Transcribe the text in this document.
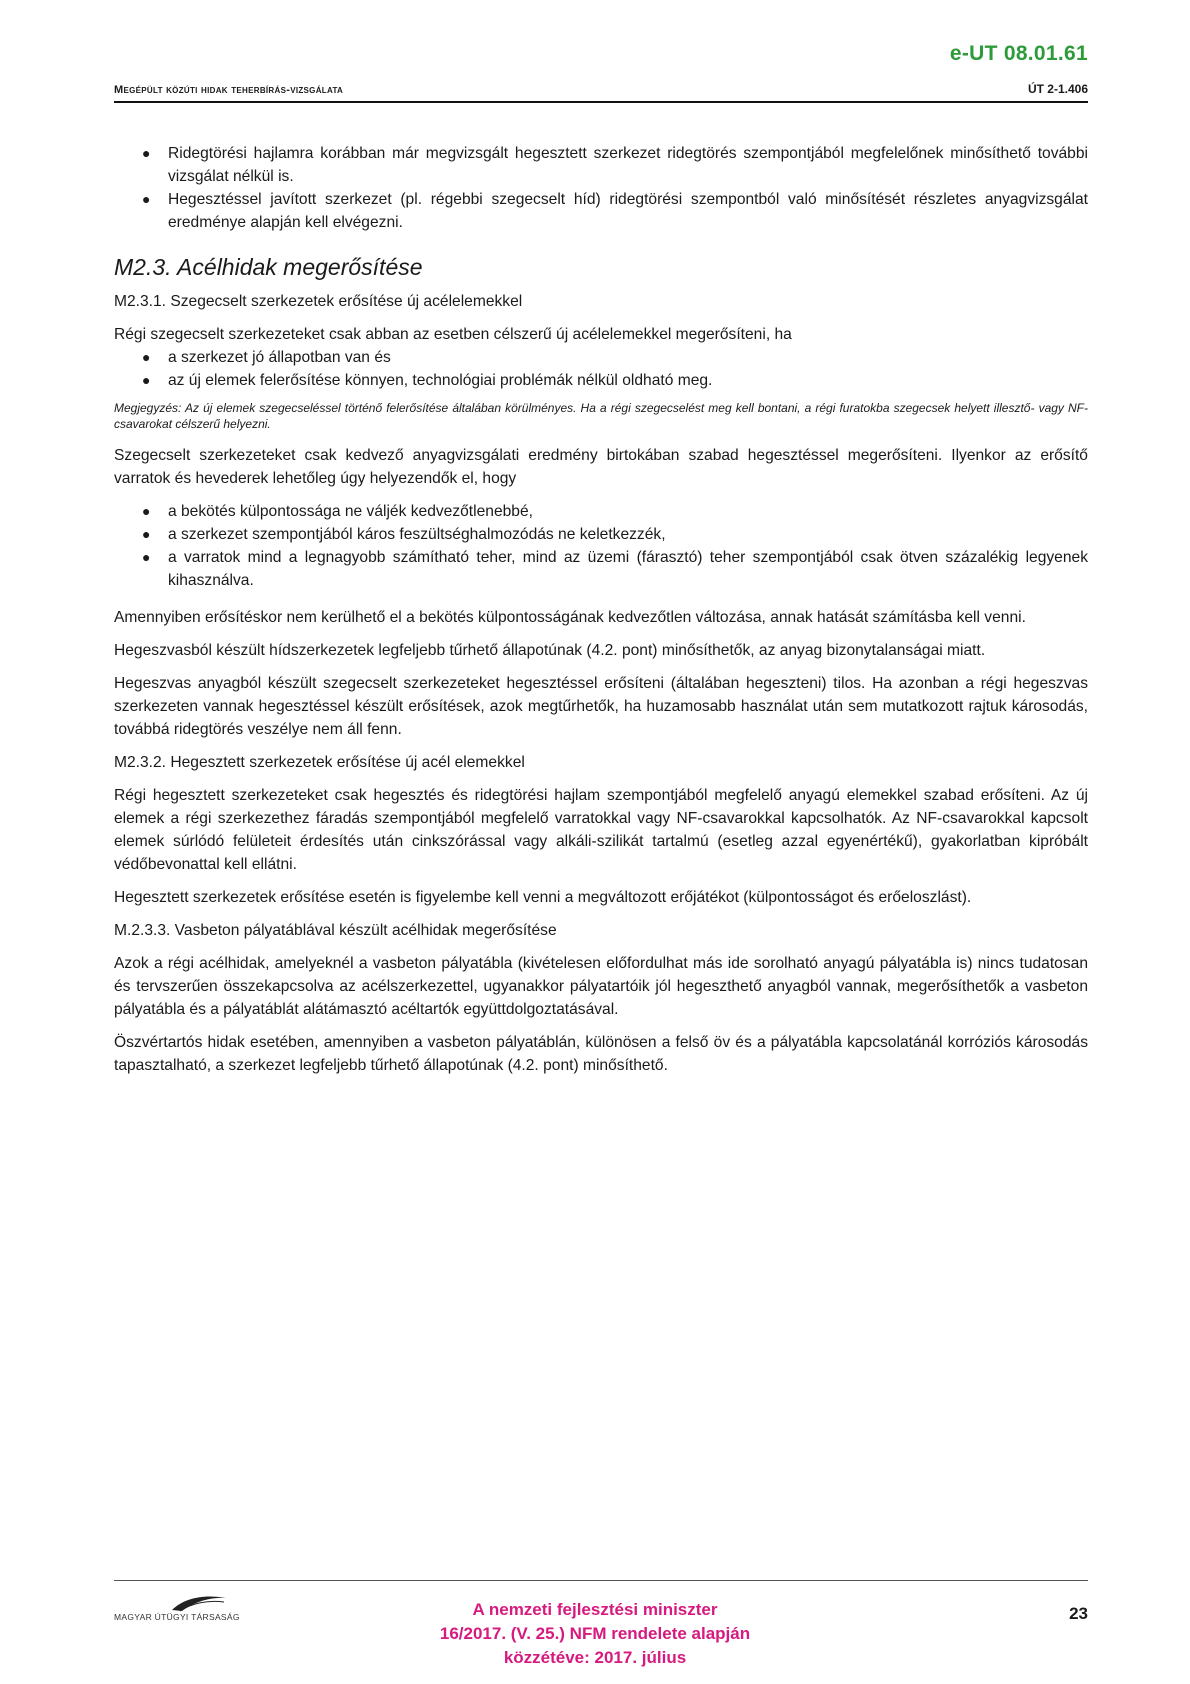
e-UT 08.01.61
Megépült közúti hidak teherbírás-vizsgálata	ÚT 2-1.406
● Ridegtörési hajlamra korábban már megvizsgált hegesztett szerkezet ridegtörés szempontjából megfelelőnek minősíthető további vizsgálat nélkül is.
● Hegesztéssel javított szerkezet (pl. régebbi szegecselt híd) ridegtörési szempontból való minősítését részletes anyagvizsgálat eredménye alapján kell elvégezni.
M2.3. Acélhidak megerősítése
M2.3.1. Szegecselt szerkezetek erősítése új acélelemekkel

Régi szegecselt szerkezeteket csak abban az esetben célszerű új acélelemekkel megerősíteni, ha

● a szerkezet jó állapotban van és
● az új elemek felerősítése könnyen, technológiai problémák nélkül oldható meg.

Megjegyzés: Az új elemek szegecseléssel történő felerősítése általában körülményes. Ha a régi szegecselést meg kell bontani, a régi furatokba szegecsek helyett illesztő- vagy NF-csavarokat célszerű helyezni.

Szegecselt szerkezeteket csak kedvező anyagvizsgálati eredmény birtokában szabad hegesztéssel megerősíteni. Ilyenkor az erősítő varratok és hevederek lehetőleg úgy helyezendők el, hogy

● a bekötés külpontossága ne váljék kedvezőtlenebbé,
● a szerkezet szempontjából káros feszültséghalmozódás ne keletkezzék,
● a varratok mind a legnagyobb számítható teher, mind az üzemi (fárasztó) teher szempontjából csak ötven százalékig legyenek kihasználva.

Amennyiben erősítéskor nem kerülhető el a bekötés külpontosságának kedvezőtlen változása, annak hatását számításba kell venni.

Hegeszvasból készült hídszerkezetek legfeljebb tűrhető állapotúnak (4.2. pont) minősíthetők, az anyag bizonytalanságai miatt.

Hegeszvas anyagból készült szegecselt szerkezeteket hegesztéssel erősíteni (általában hegeszteni) tilos. Ha azonban a régi hegeszvas szerkezeten vannak hegesztéssel készült erősítések, azok megtűrhetők, ha huzamosabb használat után sem mutatkozott rajtuk károsodás, továbbá ridegtörés veszélye nem áll fenn.

M2.3.2. Hegesztett szerkezetek erősítése új acél elemekkel

Régi hegesztett szerkezeteket csak hegesztés és ridegtörési hajlam szempontjából megfelelő anyagú elemekkel szabad erősíteni. Az új elemek a régi szerkezethez fáradás szempontjából megfelelő varratokkal vagy NF-csavarokkal kapcsolhatók. Az NF-csavarokkal kapcsolt elemek súrlódó felületeit érdesítés után cinkszórással vagy alkáli-szilikát tartalmú (esetleg azzal egyenértékű), gyakorlatban kipróbált védőbevonattal kell ellátni.

Hegesztett szerkezetek erősítése esetén is figyelembe kell venni a megváltozott erőjátékot (külpontosságot és erőeloszlást).

M.2.3.3. Vasbeton pályatáblával készült acélhidak megerősítése

Azok a régi acélhidak, amelyeknél a vasbeton pályatábla (kivételesen előfordulhat más ide sorolható anyagú pályatábla is) nincs tudatosan és tervszerűen összekapcsolva az acélszerkezettel, ugyanakkor pályatartóik jól hegeszthető anyagból vannak, megerősíthetők a vasbeton pályatábla és a pályatáblát alátámasztó acéltartók együttdolgoztatásával.

Öszvértartós hidak esetében, amennyiben a vasbeton pályatáblán, különösen a felső öv és a pályatábla kapcsolatánál korróziós károsodás tapasztalható, a szerkezet legfeljebb tűrhető állapotúnak (4.2. pont) minősíthető.

MAGYAR ÚTÜGYI TÁRSASÁG	A nemzeti fejlesztési miniszter
16/2017. (V. 25.) NFM rendelete alapján
közzétéve: 2017. július
23
